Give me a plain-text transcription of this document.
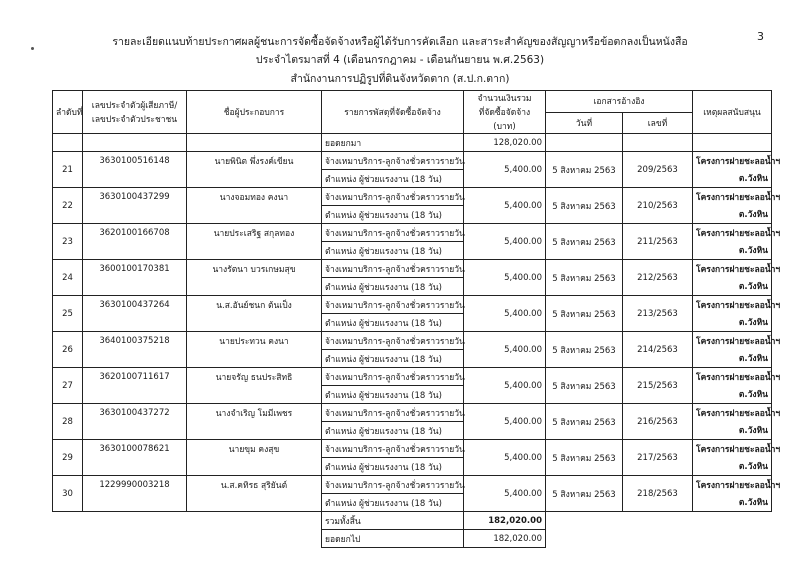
3
รายละเอียดแนบท้ายประกาศผลผู้ชนะการจัดซื้อจัดจ้างหรือผู้ได้รับการคัดเลือก และสาระสำคัญของสัญญาหรือข้อตกลงเป็นหนังสือ
ประจำไตรมาสที่ 4 (เดือนกรกฎาคม - เดือนกันยายน พ.ศ.2563)
สำนักงานการปฏิรูปที่ดินจังหวัดตาก (ส.ป.ก.ตาก)
ลำดับที่	เลขประจำตัวผู้เสียภาษี/
เลขประจำตัวประชาชน	ชื่อผู้ประกอบการ	รายการพัสดุที่จัดซื้อจัดจ้าง	จำนวนเงินรวม
ที่จัดซื้อจัดจ้าง
(บาท)	เอกสารอ้างอิง		เหตุผลสนับสนุน
					วันที่	เลขที่	
			ยอดยกมา	128,020.00			
21	3630100516148	นายพินิต พึ่งรงค์เขียน	จ้างเหมาบริการ-ลูกจ้างชั่วคราวรายวัน	5,400.00	5 สิงหาคม 2563	209/2563	โครงการฝายชะลอน้ำฯ
			ตำแหน่ง ผู้ช่วยแรงงาน (18 วัน)				ต.วังหิน
22	3630100437299	นางจอมทอง คงนา	จ้างเหมาบริการ-ลูกจ้างชั่วคราวรายวัน	5,400.00	5 สิงหาคม 2563	210/2563	โครงการฝายชะลอน้ำฯ
			ตำแหน่ง ผู้ช่วยแรงงาน (18 วัน)				ต.วังหิน
23	3620100166708	นายประเสริฐ สกุลทอง	จ้างเหมาบริการ-ลูกจ้างชั่วคราวรายวัน	5,400.00	5 สิงหาคม 2563	211/2563	โครงการฝายชะลอน้ำฯ
			ตำแหน่ง ผู้ช่วยแรงงาน (18 วัน)				ต.วังหิน
24	3600100170381	นางรัตนา บวรเกษมสุข	จ้างเหมาบริการ-ลูกจ้างชั่วคราวรายวัน	5,400.00	5 สิงหาคม 2563	212/2563	โครงการฝายชะลอน้ำฯ
			ตำแหน่ง ผู้ช่วยแรงงาน (18 วัน)				ต.วังหิน
25	3630100437264	น.ส.อันย์ชนก ต้นเป็ง	จ้างเหมาบริการ-ลูกจ้างชั่วคราวรายวัน	5,400.00	5 สิงหาคม 2563	213/2563	โครงการฝายชะลอน้ำฯ
			ตำแหน่ง ผู้ช่วยแรงงาน (18 วัน)				ต.วังหิน
26	3640100375218	นายประทวน คงนา	จ้างเหมาบริการ-ลูกจ้างชั่วคราวรายวัน	5,400.00	5 สิงหาคม 2563	214/2563	โครงการฝายชะลอน้ำฯ
			ตำแหน่ง ผู้ช่วยแรงงาน (18 วัน)				ต.วังหิน
27	3620100711617	นายจรัญ ธนประสิทธิ	จ้างเหมาบริการ-ลูกจ้างชั่วคราวรายวัน	5,400.00	5 สิงหาคม 2563	215/2563	โครงการฝายชะลอน้ำฯ
			ตำแหน่ง ผู้ช่วยแรงงาน (18 วัน)				ต.วังหิน
28	3630100437272	นางจำเริญ โมมีเพชร	จ้างเหมาบริการ-ลูกจ้างชั่วคราวรายวัน	5,400.00	5 สิงหาคม 2563	216/2563	โครงการฝายชะลอน้ำฯ
			ตำแหน่ง ผู้ช่วยแรงงาน (18 วัน)				ต.วังหิน
29	3630100078621	นายขุม คงสุข	จ้างเหมาบริการ-ลูกจ้างชั่วคราวรายวัน	5,400.00	5 สิงหาคม 2563	217/2563	โครงการฝายชะลอน้ำฯ
			ตำแหน่ง ผู้ช่วยแรงงาน (18 วัน)				ต.วังหิน
30	1229990003218	น.ส.คทิรธ สุริยันต์	จ้างเหมาบริการ-ลูกจ้างชั่วคราวรายวัน	5,400.00	5 สิงหาคม 2563	218/2563	โครงการฝายชะลอน้ำฯ
			ตำแหน่ง ผู้ช่วยแรงงาน (18 วัน)				ต.วังหิน
			รวมทั้งสิ้น	182,020.00			
			ยอดยกไป	182,020.00			
